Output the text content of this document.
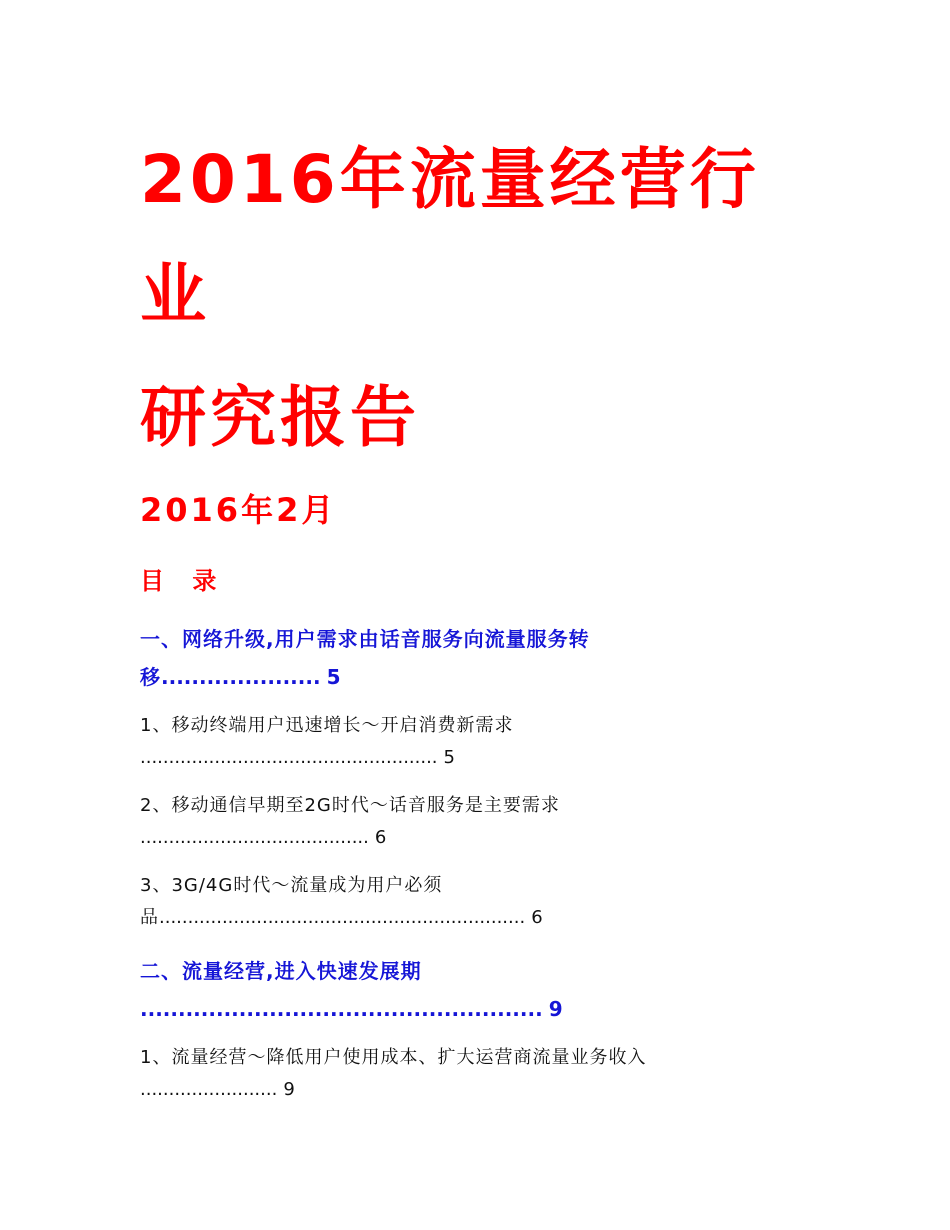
2016年流量经营行
业
研究报告

2016年2月

目 录
一、网络升级,用户需求由话音服务向流量服务转
移..................... 5
1、移动终端用户迅速增长～开启消费新需求
.................................................... 5
2、移动通信早期至2G时代～话音服务是主要需求
........................................ 6
3、3G/4G时代～流量成为用户必须
品................................................................ 6
二、流量经营,进入快速发展期
..................................................... 9
1、流量经营～降低用户使用成本、扩大运营商流量业务收入
........................ 9
